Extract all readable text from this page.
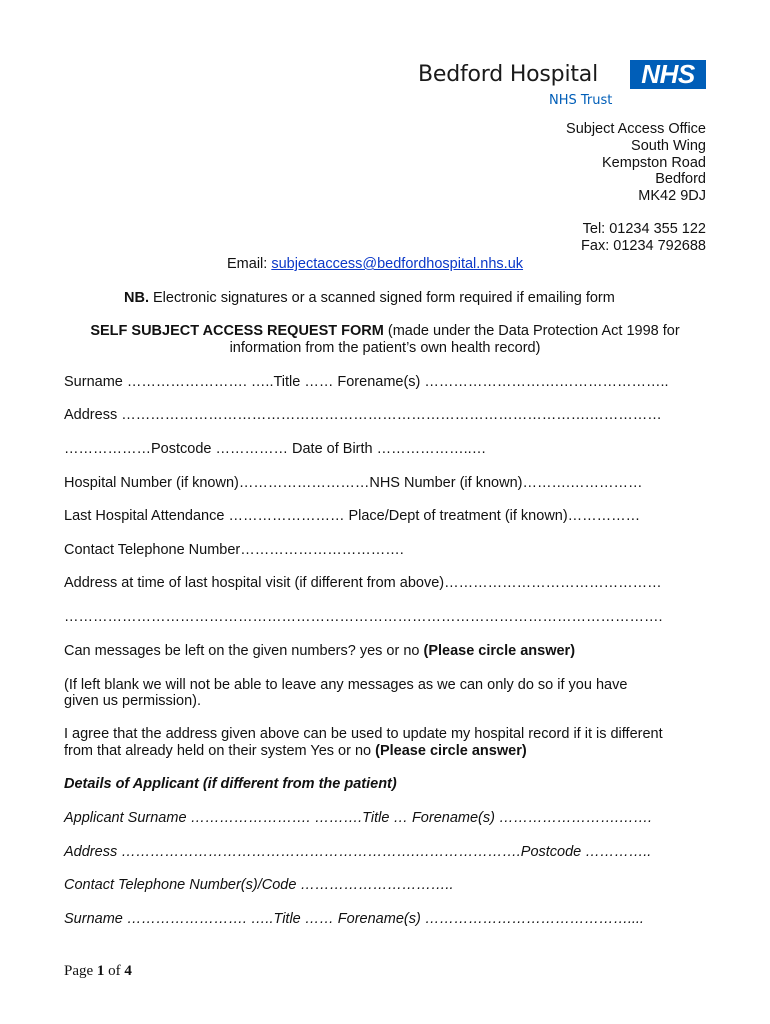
Bedford Hospital	NHS
NHS Trust
Subject Access Office
South Wing
Kempston Road
Bedford
MK42 9DJ
Tel: 01234 355 122
Fax: 01234 792688
Email: subjectaccess@bedfordhospital.nhs.uk
NB. Electronic signatures or a scanned signed form required if emailing form
SELF SUBJECT ACCESS REQUEST FORM (made under the Data Protection Act 1998 for
information from the patient’s own health record)
Surname ……………………. …..Title …… Forename(s) ……………………….…………………..
Address …………………………………………………………………………………….……………
………………Postcode …………… Date of Birth ………………..…
Hospital Number (if known)………………………NHS Number (if known)……….……………
Last Hospital Attendance …………………… Place/Dept of treatment (if known)……………
Contact Telephone Number…………………………….
Address at time of last hospital visit (if different from above)………………………………………
…………………………………………………………………………………………………………….
Can messages be left on the given numbers? yes or no (Please circle answer)
(If left blank we will not be able to leave any messages as we can only do so if you have
given us permission).
I agree that the address given above can be used to update my hospital record if it is different
from that already held on their system Yes or no (Please circle answer)
Details of Applicant (if different from the patient)
Applicant Surname ……………………. ……….Title … Forename(s) …………………….…….
Address …………………………………………………….………………….Postcode …………..
Contact Telephone Number(s)/Code …………………………..
Surname ……………………. …..Title …… Forename(s) ……………………………………....
Page 1 of 4
